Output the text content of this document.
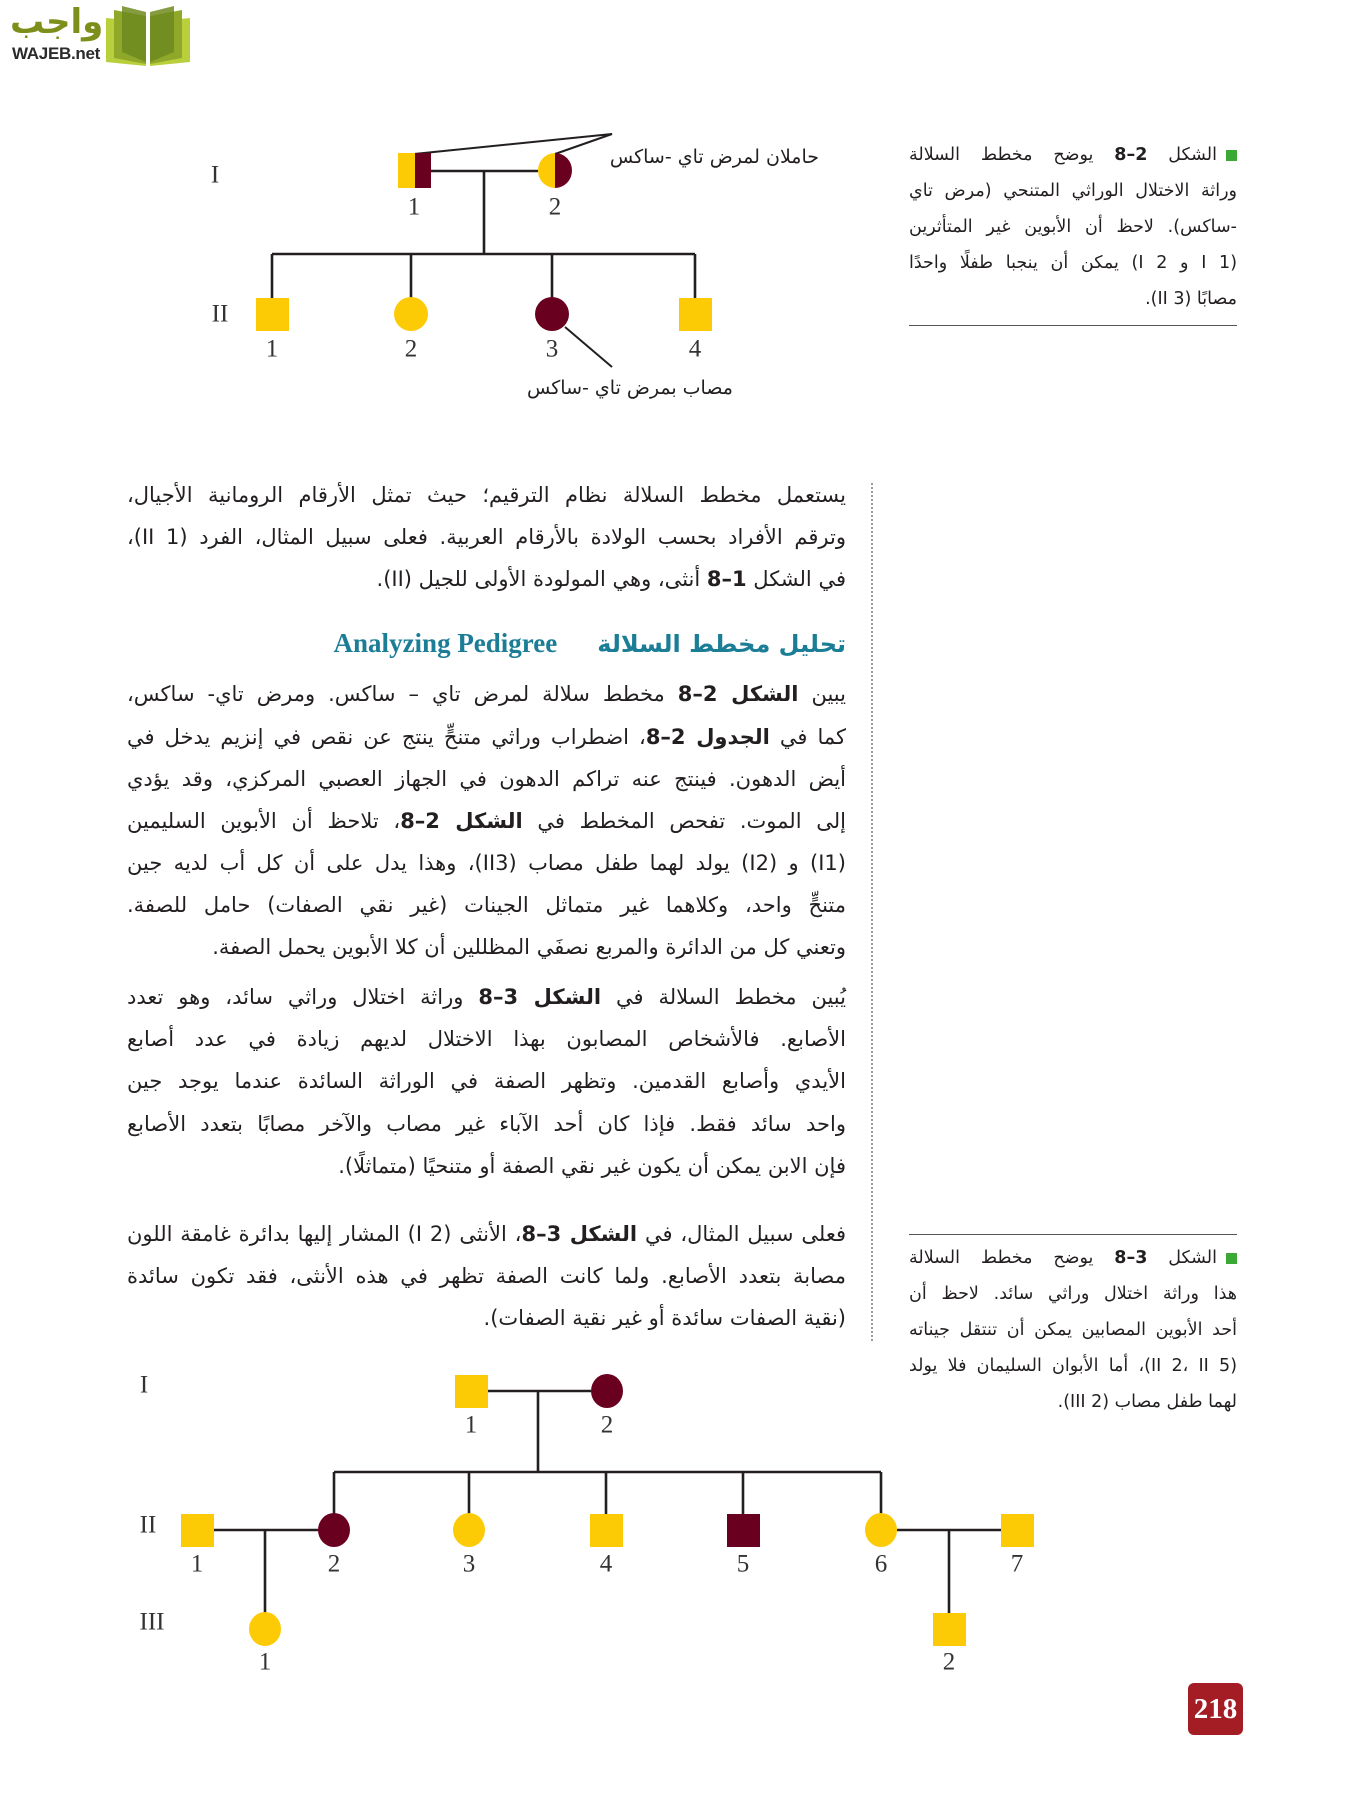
واجب
WAJEB.net
I
II
1	2
1	2	3	4
I
II
III
1	2
1	2	3	4	5	6	7
1	2
حاملان لمرض تاي -ساكس
مصاب بمرض تاي -ساكس
الشكل 8–2 يوضح مخطط السلالة
وراثة الاختلال الوراثي المتنحي (مرض تاي
-ساكس). لاحظ أن الأبوين غير المتأثرين
(I 1 و I 2) يمكن أن ينجبا طفلًا واحدًا
مصابًا (II 3).
الشكل 8–3 يوضح مخطط السلالة
هذا وراثة اختلال وراثي سائد. لاحظ أن
أحد الأبوين المصابين يمكن أن تنتقل جيناته
(II 2، II 5)، أما الأبوان السليمان فلا يولد
لهما طفل مصاب (III 2).
يستعمل مخطط السلالة نظام الترقيم؛ حيث تمثل الأرقام الرومانية الأجيال،
وترقم الأفراد بحسب الولادة بالأرقام العربية. فعلى سبيل المثال، الفرد (II 1)،
في الشكل 8–1 أنثى، وهي المولودة الأولى للجيل (II).
تحليل مخطط السلالةAnalyzing Pedigree
يبين الشكل 8–2 مخطط سلالة لمرض تاي – ساكس. ومرض تاي- ساكس،
كما في الجدول 8–2، اضطراب وراثي متنحٍّ ينتج عن نقص في إنزيم يدخل في
أيض الدهون. فينتج عنه تراكم الدهون في الجهاز العصبي المركزي، وقد يؤدي
إلى الموت. تفحص المخطط في الشكل 8–2، تلاحظ أن الأبوين السليمين
(I1) و (I2) يولد لهما طفل مصاب (II3)، وهذا يدل على أن كل أب لديه جين
متنحٍّ واحد، وكلاهما غير متماثل الجينات (غير نقي الصفات) حامل للصفة.
وتعني كل من الدائرة والمربع نصفَي المظللين أن كلا الأبوين يحمل الصفة.
يُبين مخطط السلالة في الشكل 8–3 وراثة اختلال وراثي سائد، وهو تعدد
الأصابع. فالأشخاص المصابون بهذا الاختلال لديهم زيادة في عدد أصابع
الأيدي وأصابع القدمين. وتظهر الصفة في الوراثة السائدة عندما يوجد جين
واحد سائد فقط. فإذا كان أحد الآباء غير مصاب والآخر مصابًا بتعدد الأصابع
فإن الابن يمكن أن يكون غير نقي الصفة أو متنحيًا (متماثلًا).
فعلى سبيل المثال، في الشكل 8–3، الأنثى (I 2) المشار إليها بدائرة غامقة اللون
مصابة بتعدد الأصابع. ولما كانت الصفة تظهر في هذه الأنثى، فقد تكون سائدة
(نقية الصفات سائدة أو غير نقية الصفات).
218
